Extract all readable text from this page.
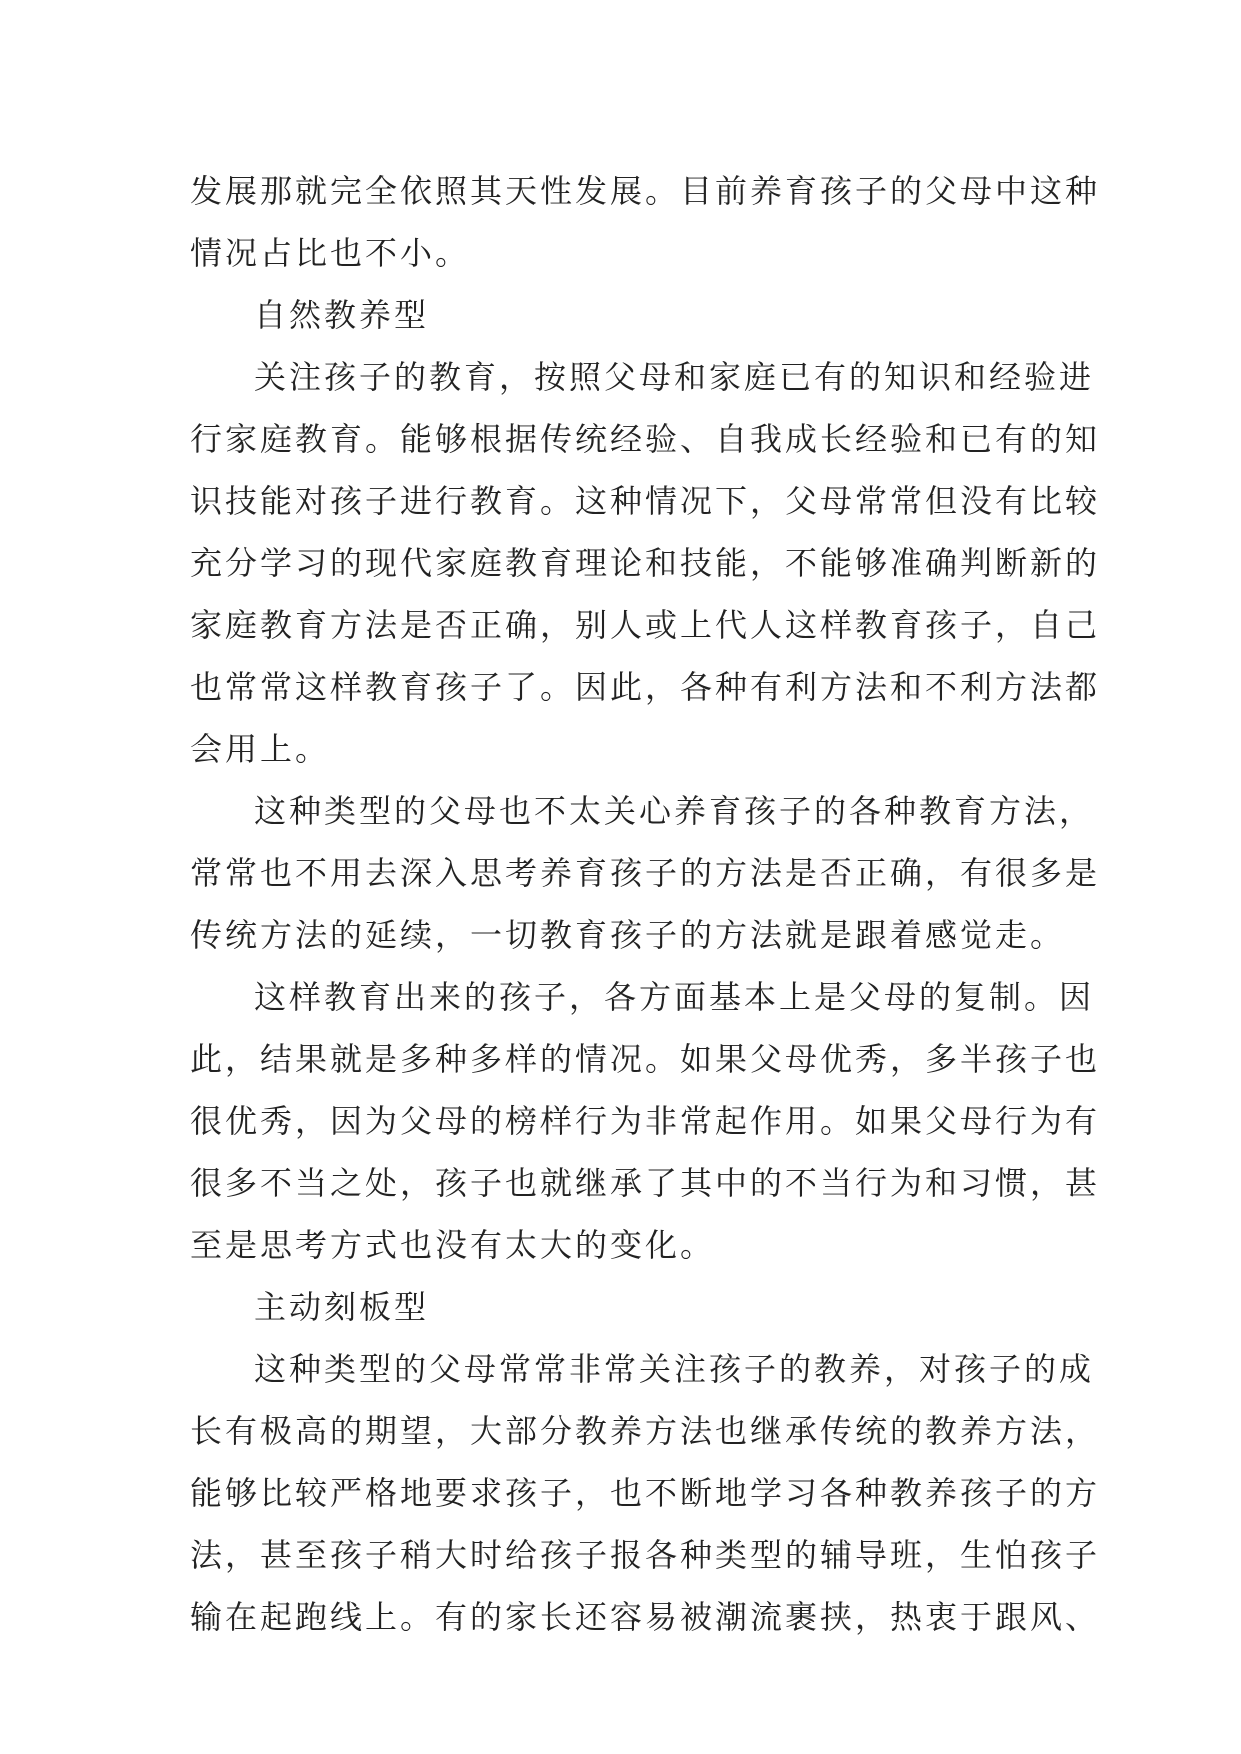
发展那就完全依照其天性发展。目前养育孩子的父母中这种
情况占比也不小。
自然教养型
关注孩子的教育，按照父母和家庭已有的知识和经验进
行家庭教育。能够根据传统经验、自我成长经验和已有的知
识技能对孩子进行教育。这种情况下，父母常常但没有比较
充分学习的现代家庭教育理论和技能，不能够准确判断新的
家庭教育方法是否正确，别人或上代人这样教育孩子，自己
也常常这样教育孩子了。因此，各种有利方法和不利方法都
会用上。
这种类型的父母也不太关心养育孩子的各种教育方法，
常常也不用去深入思考养育孩子的方法是否正确，有很多是
传统方法的延续，一切教育孩子的方法就是跟着感觉走。
这样教育出来的孩子，各方面基本上是父母的复制。因
此，结果就是多种多样的情况。如果父母优秀，多半孩子也
很优秀，因为父母的榜样行为非常起作用。如果父母行为有
很多不当之处，孩子也就继承了其中的不当行为和习惯，甚
至是思考方式也没有太大的变化。
主动刻板型
这种类型的父母常常非常关注孩子的教养，对孩子的成
长有极高的期望，大部分教养方法也继承传统的教养方法，
能够比较严格地要求孩子，也不断地学习各种教养孩子的方
法，甚至孩子稍大时给孩子报各种类型的辅导班，生怕孩子
输在起跑线上。有的家长还容易被潮流裹挟，热衷于跟风、
